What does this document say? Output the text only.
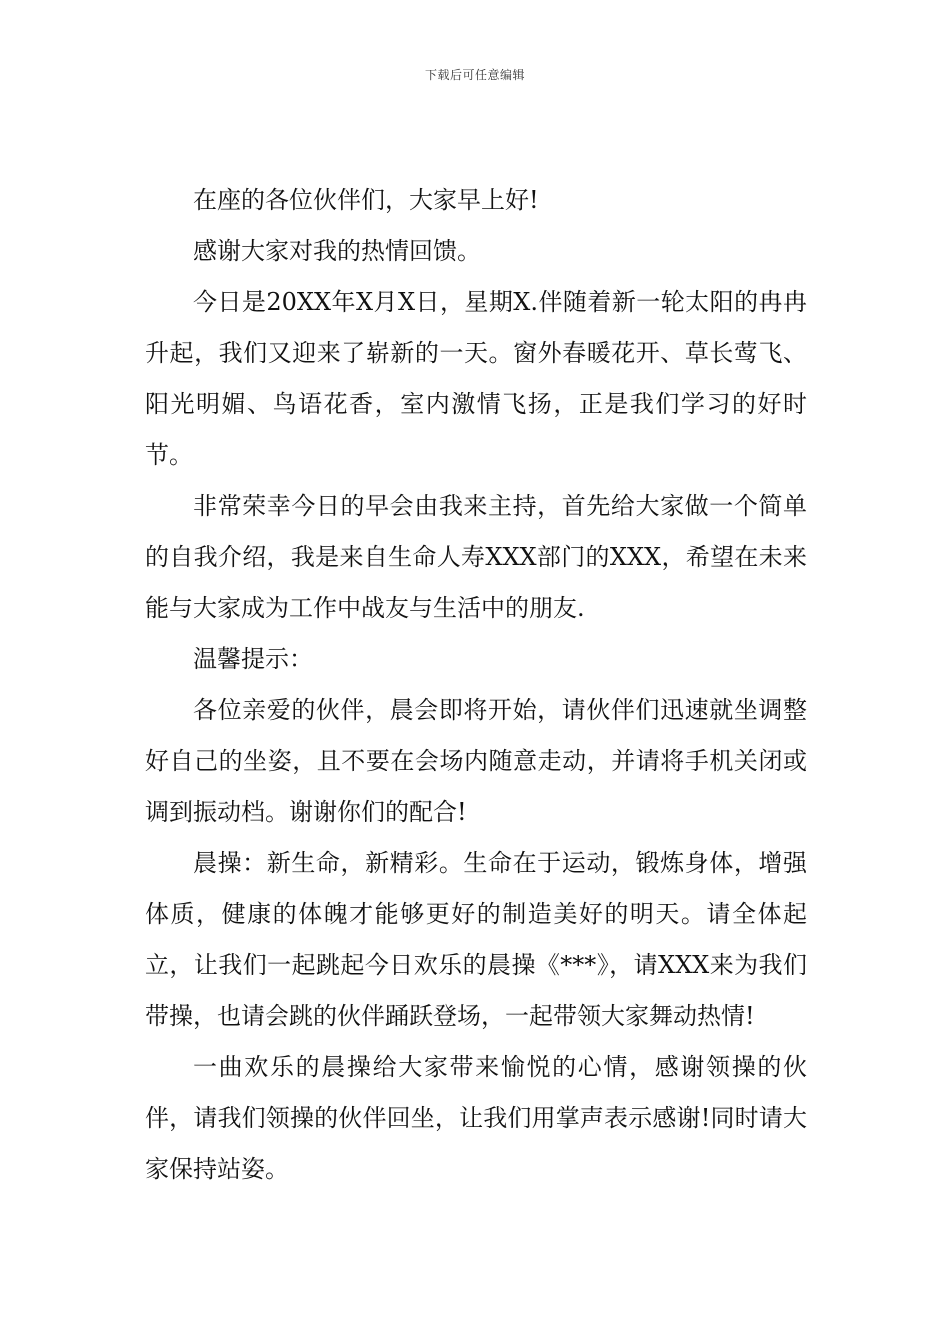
下载后可任意编辑

在座的各位伙伴们，大家早上好!

感谢大家对我的热情回馈。

今日是20XX年X月X日，星期X.伴随着新一轮太阳的冉冉升起，我们又迎来了崭新的一天。窗外春暖花开、草长莺飞、阳光明媚、鸟语花香，室内激情飞扬，正是我们学习的好时节。

非常荣幸今日的早会由我来主持，首先给大家做一个简单的自我介绍，我是来自生命人寿XXX部门的XXX，希望在未来能与大家成为工作中战友与生活中的朋友.

温馨提示：

各位亲爱的伙伴，晨会即将开始，请伙伴们迅速就坐调整好自己的坐姿，且不要在会场内随意走动，并请将手机关闭或调到振动档。谢谢你们的配合!

晨操：新生命，新精彩。生命在于运动，锻炼身体，增强体质，健康的体魄才能够更好的制造美好的明天。请全体起立，让我们一起跳起今日欢乐的晨操《***》，请XXX来为我们带操，也请会跳的伙伴踊跃登场，一起带领大家舞动热情!

一曲欢乐的晨操给大家带来愉悦的心情，感谢领操的伙伴，请我们领操的伙伴回坐，让我们用掌声表示感谢!同时请大家保持站姿。
